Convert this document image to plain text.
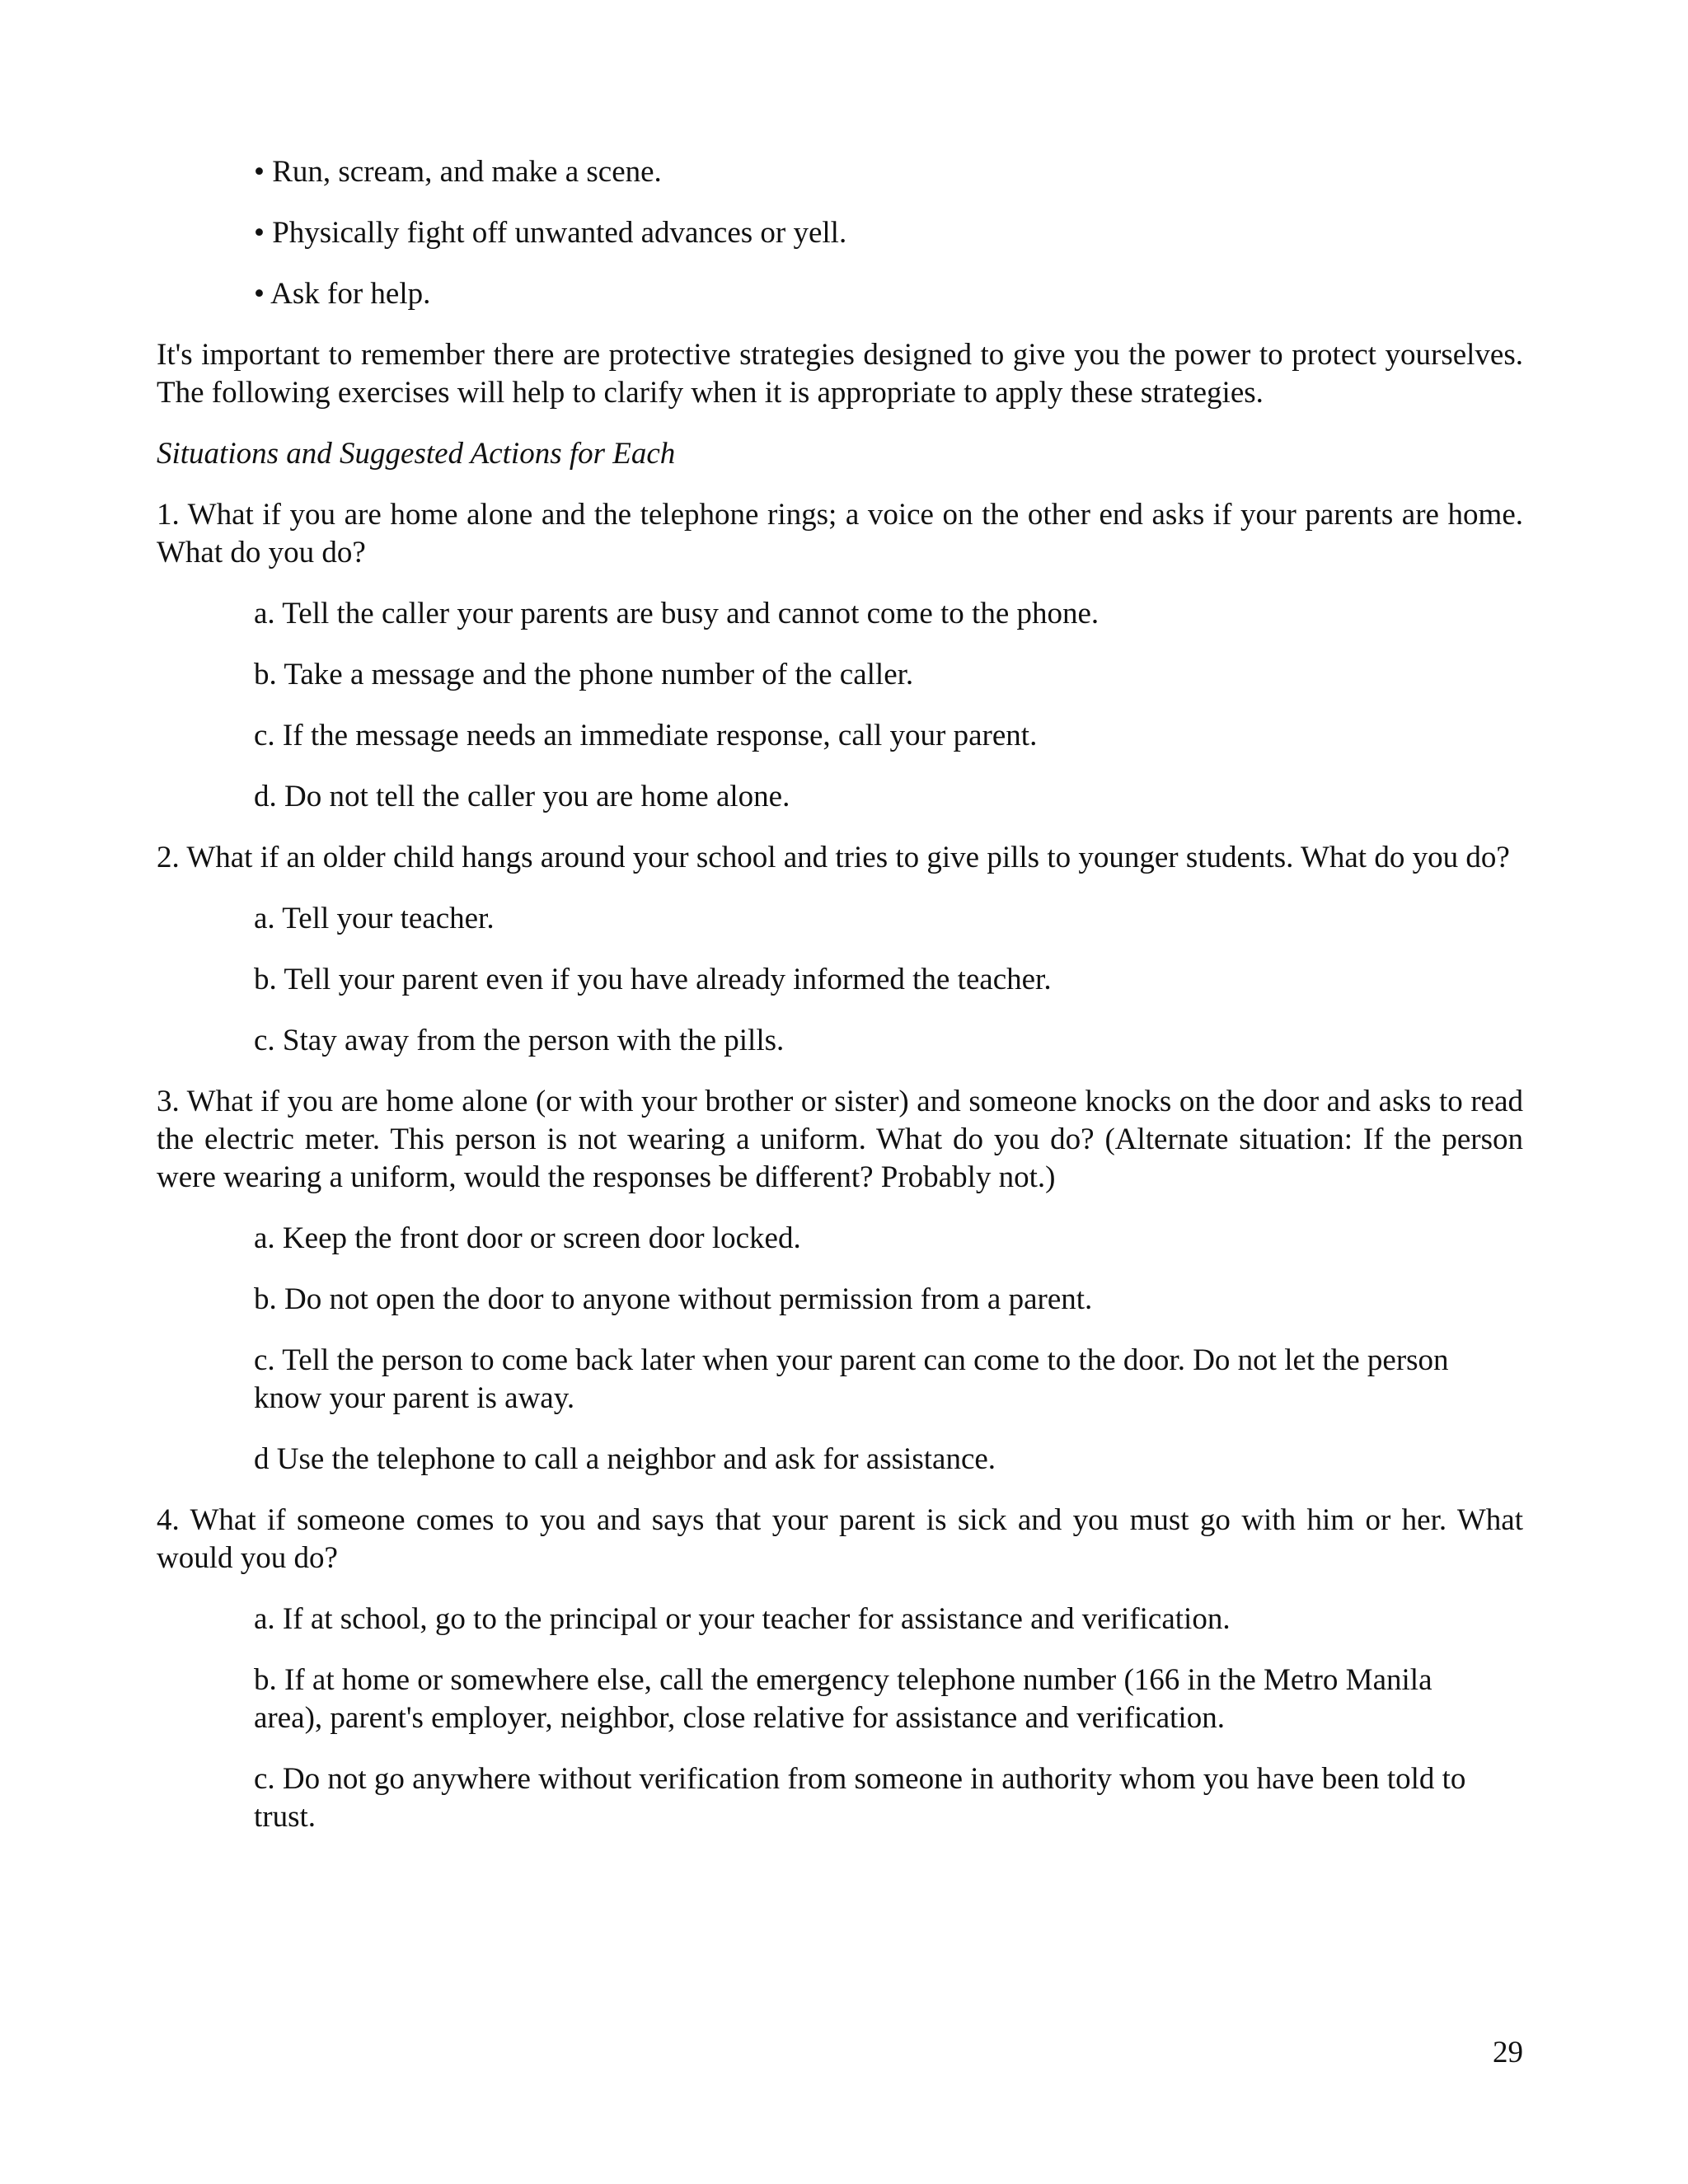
• Run, scream, and make a scene.

• Physically fight off unwanted advances or yell.

• Ask for help.

It's important to remember there are protective strategies designed to give you the power to protect yourselves. The following exercises will help to clarify when it is appropriate to apply these strategies.

Situations and Suggested Actions for Each

1. What if you are home alone and the telephone rings; a voice on the other end asks if your parents are home. What do you do?

a. Tell the caller your parents are busy and cannot come to the phone.

b. Take a message and the phone number of the caller.

c. If the message needs an immediate response, call your parent.

d. Do not tell the caller you are home alone.

2. What if an older child hangs around your school and tries to give pills to younger students. What do you do?

a. Tell your teacher.

b. Tell your parent even if you have already informed the teacher.

c. Stay away from the person with the pills.

3. What if you are home alone (or with your brother or sister) and someone knocks on the door and asks to read the electric meter. This person is not wearing a uniform. What do you do? (Alternate situation: If the person were wearing a uniform, would the responses be different? Probably not.)

a. Keep the front door or screen door locked.

b. Do not open the door to anyone without permission from a parent.

c. Tell the person to come back later when your parent can come to the door. Do not let the person know your parent is away.

d Use the telephone to call a neighbor and ask for assistance.

4. What if someone comes to you and says that your parent is sick and you must go with him or her. What would you do?

a. If at school, go to the principal or your teacher for assistance and verification.

b. If at home or somewhere else, call the emergency telephone number (166 in the Metro Manila area), parent's employer, neighbor, close relative for assistance and verification.

c. Do not go anywhere without verification from someone in authority whom you have been told to trust.

29
